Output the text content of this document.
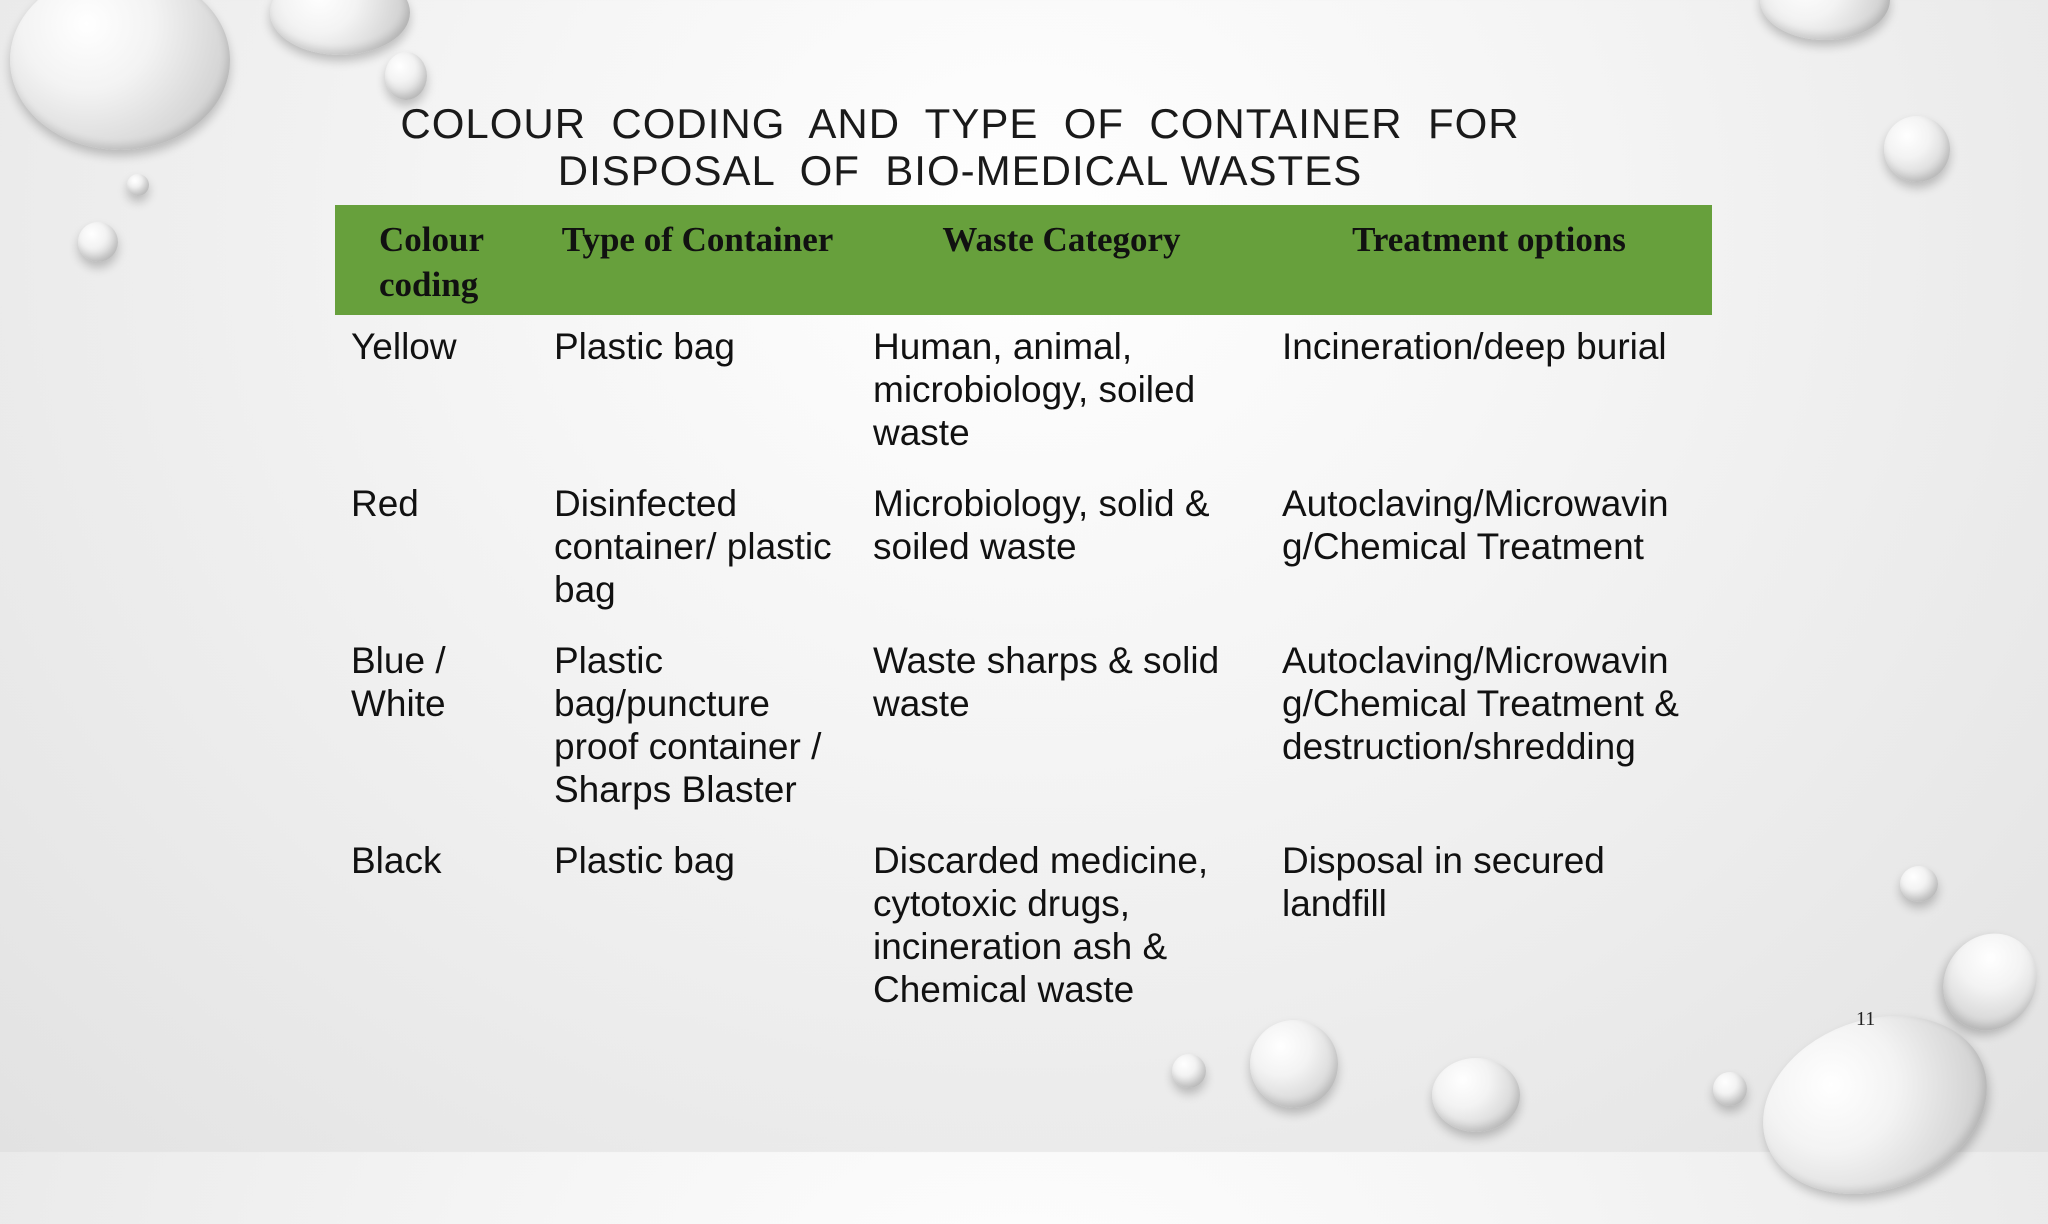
COLOUR  CODING  AND  TYPE  OF  CONTAINER  FOR
DISPOSAL  OF  BIO-MEDICAL WASTES
Colour coding	Type of Container	Waste Category	Treatment options
Yellow	Plastic bag	Human, animal, microbiology, soiled waste	Incineration/deep burial
Red	Disinfected container/ plastic bag	Microbiology, solid & soiled waste	Autoclaving/Microwaving/Chemical Treatment
Blue / White	Plastic bag/puncture proof container / Sharps Blaster	Waste sharps & solid waste	Autoclaving/Microwaving/Chemical Treatment & destruction/shredding
Black	Plastic bag	Discarded medicine, cytotoxic drugs, incineration ash & Chemical waste	Disposal in secured landfill
11
